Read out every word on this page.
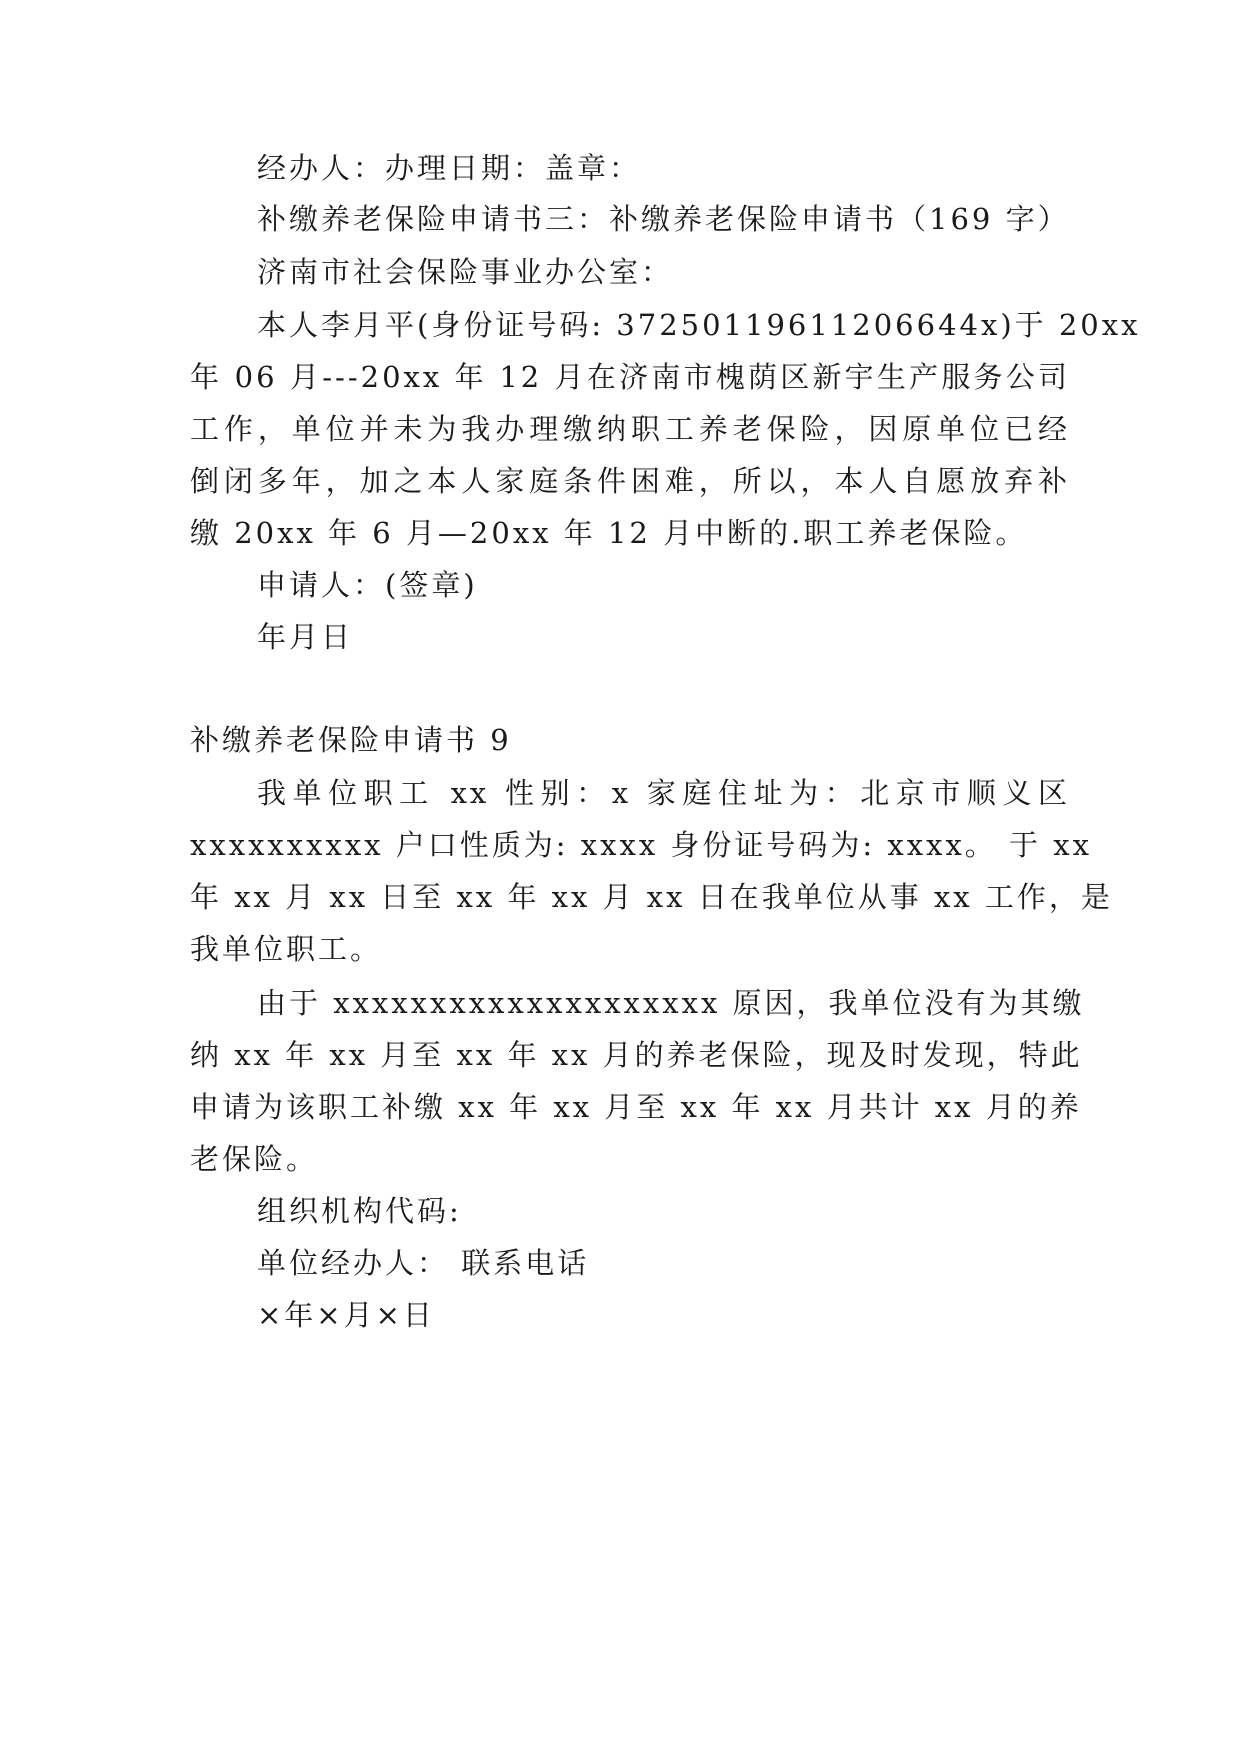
经办人：办理日期：盖章：
补缴养老保险申请书三：补缴养老保险申请书（169 字）
济南市社会保险事业办公室：
本人李月平(身份证号码: 37250119611206644x)于 20xx
年 06 月---20xx 年 12 月在济南市槐荫区新宇生产服务公司
工作，单位并未为我办理缴纳职工养老保险，因原单位已经
倒闭多年，加之本人家庭条件困难，所以，本人自愿放弃补
缴 20xx 年 6 月—20xx 年 12 月中断的.职工养老保险。
申请人：(签章)
年月日
补缴养老保险申请书 9
我单位职工 xx 性别：x 家庭住址为：北京市顺义区
xxxxxxxxxx 户口性质为: xxxx 身份证号码为: xxxx。 于 xx
年 xx 月 xx 日至 xx 年 xx 月 xx 日在我单位从事 xx 工作，是
我单位职工。
由于 xxxxxxxxxxxxxxxxxxxx 原因，我单位没有为其缴
纳 xx 年 xx 月至 xx 年 xx 月的养老保险，现及时发现，特此
申请为该职工补缴 xx 年 xx 月至 xx 年 xx 月共计 xx 月的养
老保险。
组织机构代码:
单位经办人： 联系电话
×年×月×日
